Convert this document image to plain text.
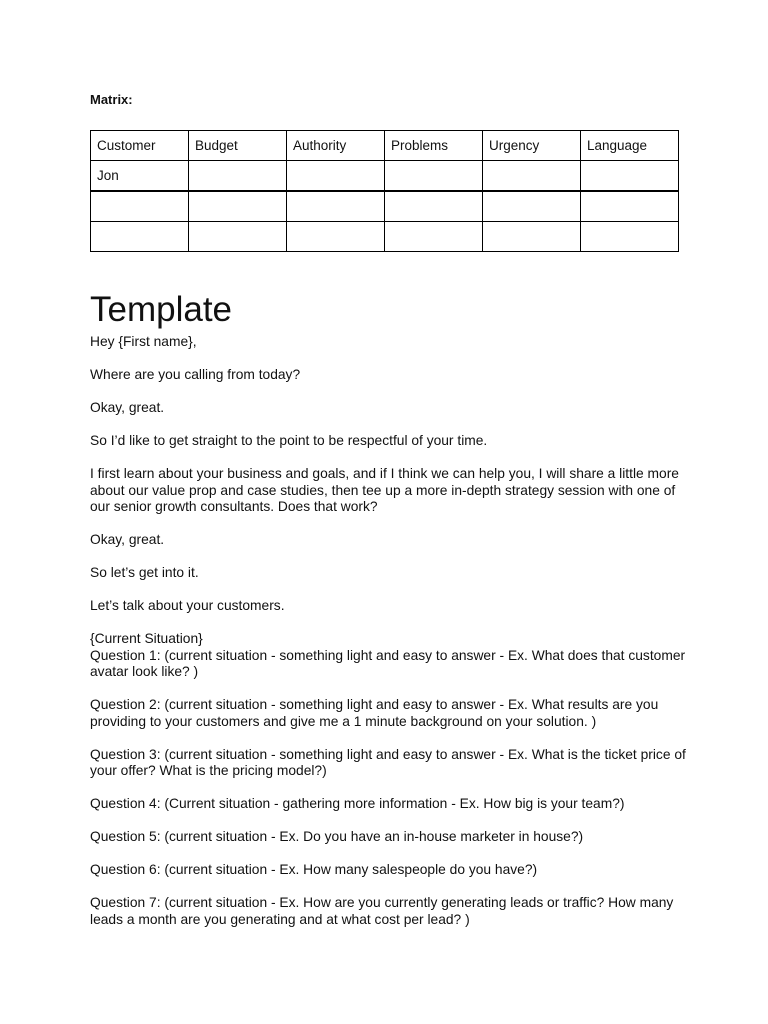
Matrix:

Customer	Budget	Authority	Problems	Urgency	Language
Jon					

Template

Hey {First name},

Where are you calling from today?

Okay, great.

So I’d like to get straight to the point to be respectful of your time.

I first learn about your business and goals, and if I think we can help you, I will share a little more about our value prop and case studies, then tee up a more in-depth strategy session with one of our senior growth consultants. Does that work?

Okay, great.

So let’s get into it.

Let’s talk about your customers.

{Current Situation}
Question 1: (current situation - something light and easy to answer - Ex. What does that customer avatar look like? )

Question 2: (current situation - something light and easy to answer - Ex. What results are you providing to your customers and give me a 1 minute background on your solution. )

Question 3: (current situation - something light and easy to answer - Ex. What is the ticket price of your offer? What is the pricing model?)

Question 4: (Current situation - gathering more information - Ex. How big is your team?)

Question 5: (current situation - Ex. Do you have an in-house marketer in house?)

Question 6: (current situation - Ex. How many salespeople do you have?)

Question 7: (current situation - Ex. How are you currently generating leads or traffic? How many leads a month are you generating and at what cost per lead? )
